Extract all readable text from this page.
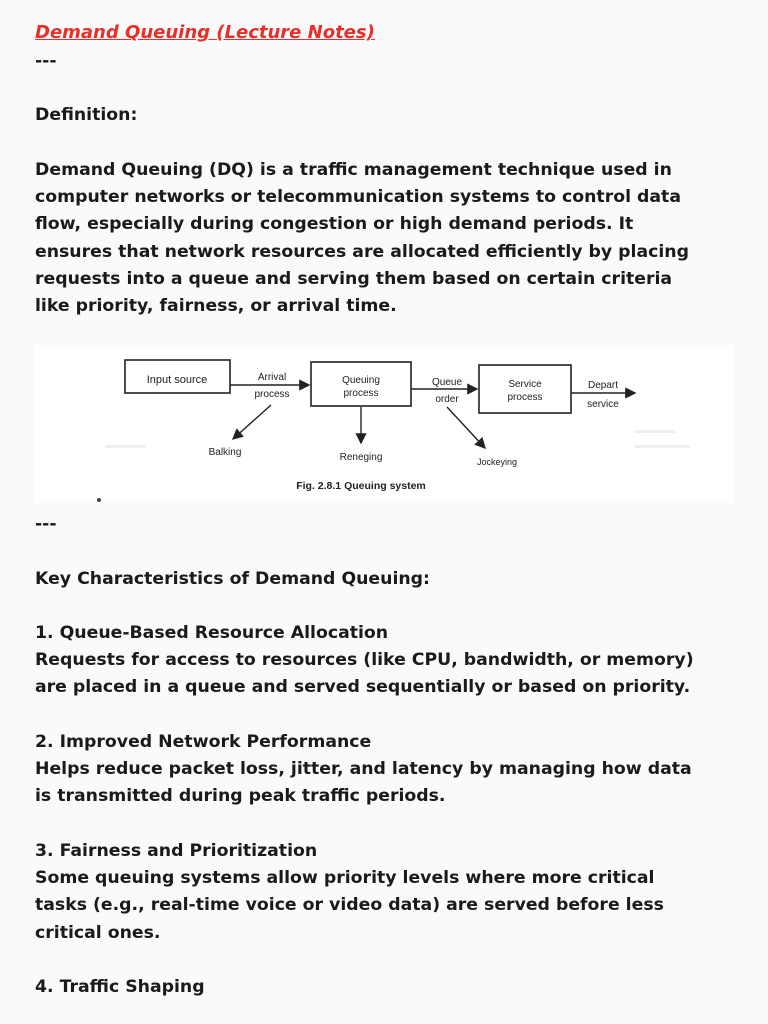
Demand Queuing (Lecture Notes)
---
Definition:
Demand Queuing (DQ) is a traffic management technique used in
computer networks or telecommunication systems to control data
flow, especially during congestion or high demand periods. It
ensures that network resources are allocated efficiently by placing
requests into a queue and serving them based on certain criteria
like priority, fairness, or arrival time.
Input source	Queuing
process
Service
process
Arrival
process
Queue
order
Depart
service
Balking	Reneging	Jockeying
Fig. 2.8.1 Queuing system
---
Key Characteristics of Demand Queuing:
1. Queue-Based Resource Allocation
Requests for access to resources (like CPU, bandwidth, or memory)
are placed in a queue and served sequentially or based on priority.
2. Improved Network Performance
Helps reduce packet loss, jitter, and latency by managing how data
is transmitted during peak traffic periods.
3. Fairness and Prioritization
Some queuing systems allow priority levels where more critical
tasks (e.g., real-time voice or video data) are served before less
critical ones.
4. Traffic Shaping
